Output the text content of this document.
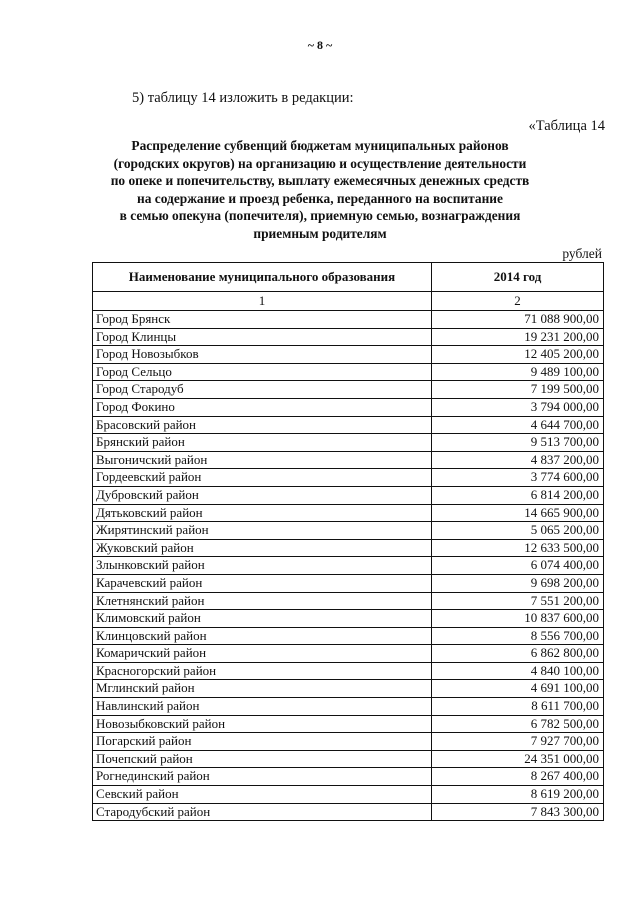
~ 8 ~
5) таблицу 14 изложить в редакции:
«Таблица 14
Распределение субвенций бюджетам муниципальных районов
(городских округов) на организацию и осуществление деятельности
по опеке и попечительству, выплату ежемесячных денежных средств
на содержание и проезд ребенка, переданного на воспитание
в семью опекуна (попечителя), приемную семью, вознаграждения
приемным родителям
рублей
Наименование муниципального образования	2014 год
1	2
Город Брянск	71 088 900,00
Город Клинцы	19 231 200,00
Город Новозыбков	12 405 200,00
Город Сельцо	9 489 100,00
Город Стародуб	7 199 500,00
Город Фокино	3 794 000,00
Брасовский район	4 644 700,00
Брянский район	9 513 700,00
Выгоничский район	4 837 200,00
Гордеевский район	3 774 600,00
Дубровский район	6 814 200,00
Дятьковский район	14 665 900,00
Жирятинский район	5 065 200,00
Жуковский район	12 633 500,00
Злынковский район	6 074 400,00
Карачевский район	9 698 200,00
Клетнянский район	7 551 200,00
Климовский район	10 837 600,00
Клинцовский район	8 556 700,00
Комаричский район	6 862 800,00
Красногорский район	4 840 100,00
Мглинский район	4 691 100,00
Навлинский район	8 611 700,00
Новозыбковский район	6 782 500,00
Погарский район	7 927 700,00
Почепский район	24 351 000,00
Рогнединский район	8 267 400,00
Севский район	8 619 200,00
Стародубский район	7 843 300,00
